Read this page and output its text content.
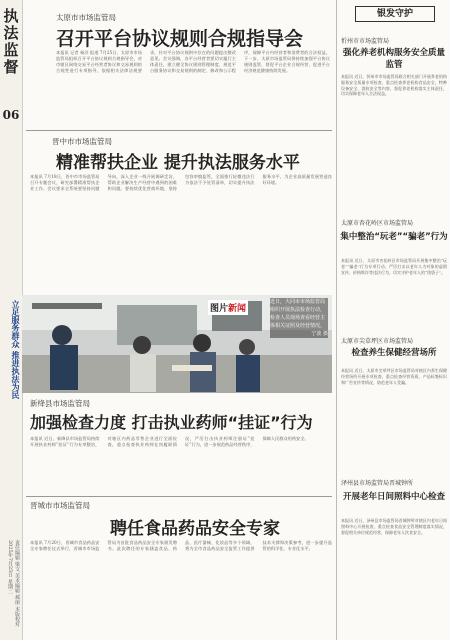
执法监督
06
立足服务群众 推进执法为民
责任编辑 梁文 美术编辑 郝丽 本版校对 2025年7月25日 星期二
太原市市场监管局
召开平台协议规则合规指导会
本报讯 记者 杨洋 报道 7月25日，太原市市场监管局组织召开平台协议规则合规指导会，对市辖区网络交易平台经营者协议和交易规则的合规性进行专项指导，依据相关法律法规要求，针对平台协议规则中存在的问题提出整改意见。会议强调，各平台经营者要切实履行主体责任，建立健全协议规则管理制度，规范平台服务协议和交易规则的制定、修改和公示程序，保障平台内经营者和消费者的合法权益。下一步，太原市场监管局将持续加强平台协议规则监管，督促平台企业合规经营，促进平台经济规范健康持续发展。
晋中市市场监管局
精准帮扶企业 提升执法服务水平
本报讯 7月18日，晋中市市场监管局召开专题会议，研究部署精准帮扶企业工作。会议要求全系统要坚持问题导向，深入企业一线开展调研走访，帮助企业解决生产经营中遇到的困难和问题。要持续优化营商环境，坚持包容审慎监管，全面推行轻微违法行为依法不予处罚清单，切实提升执法服务水平，为企业高质量发展营造良好环境。
图片新闻
近日，大同市市场监管局组织开展执法检查行动，检查人员现场查看经营主体相关证照及经营情况。
宁波 摄
新绛县市场监管局
加强检查力度 打击执业药师“挂证”行为
本报讯 近日，新绛县市场监管局持续开展执业药师“挂证”行为专项整治，对辖区内药品零售企业进行全面检查，重点检查执业药师在岗履职情况，严厉打击执业药师注册证“挂证”行为，进一步规范药品经营秩序，保障人民群众用药安全。
晋城市市场监管局
聘任食品药品安全专家
本报讯 7月20日，晋城市食品药品安全专家聘任仪式举行，晋城市市场监管局为首批食品药品安全专家颁发聘书。此次聘任的专家涵盖食品、药品、医疗器械、化妆品等多个领域，将为全市食品药品安全监管工作提供技术支撑和决策参考，进一步提升监管的科学化、专业化水平。
银发守护
忻州市市场监管局
强化养老机构服务安全质量监管
本报讯 近日，忻州市市场监管局联合相关部门开展养老机构服务安全质量专项检查，重点检查养老机构食品安全、特种设备安全、消防安全等内容，督促养老机构落实主体责任，切实保障老年人合法权益。
太原市杏花岭区市场监管局
集中整治“玩老”“骗老”行为
本报讯 近日，太原市杏花岭区市场监管局开展集中整治“玩老”“骗老”行为专项行动，严厉打击以老年人为对象的虚假宣传、价格欺诈等违法行为，切实守护老年人的“钱袋子”。
太原市尖草坪区市场监管局
检查养生保健经营场所
本报讯 近日，太原市尖草坪区市场监管局对辖区内养生保健经营场所开展专项检查，重点检查经营资质、产品标签标识和广告宣传等情况，防范老年人受骗。
泽州县市场监管局晋城钟所
开展老年日间照料中心检查
本报讯 近日，泽州县市场监管局晋城钟所对辖区内老年日间照料中心开展检查，重点检查食品安全管理制度落实情况，督促相关单位规范经营，保障老年人饮食安全。
